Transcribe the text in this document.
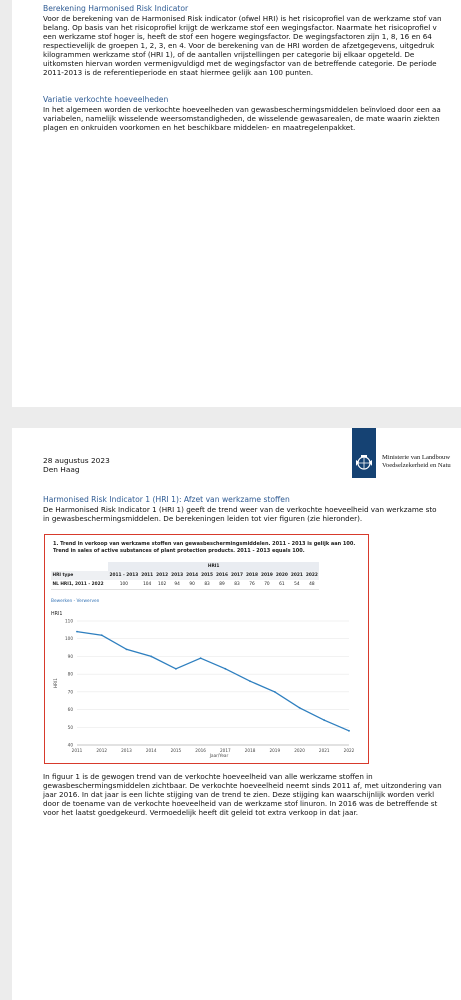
Berekening Harmonised Risk Indicator
Voor de berekening van de Harmonised Risk indicator (ofwel HRI) is het risicoprofiel van de werkzame stof van
belang. Op basis van het risicoprofiel krijgt de werkzame stof een wegingsfactor. Naarmate het risicoprofiel v
een werkzame stof hoger is, heeft de stof een hogere wegingsfactor. De wegingsfactoren zijn 1, 8, 16 en 64
respectievelijk de groepen 1, 2, 3, en 4. Voor de berekening van de HRI worden de afzetgegevens, uitgedruk
kilogrammen werkzame stof (HRI 1), of de aantallen vrijstellingen per categorie bij elkaar opgeteld. De
uitkomsten hiervan worden vermenigvuldigd met de wegingsfactor van de betreffende categorie. De periode
2011-2013 is de referentieperiode en staat hiermee gelijk aan 100 punten.
Variatie verkochte hoeveelheden
In het algemeen worden de verkochte hoeveelheden van gewasbeschermingsmiddelen beïnvloed door een aa
variabelen, namelijk wisselende weersomstandigheden, de wisselende gewasarealen, de mate waarin ziekten
plagen en onkruiden voorkomen en het beschikbare middelen- en maatregelenpakket.
Ministerie van Landbouw
Voedselzekerheid en Natu
28 augustus 2023
Den Haag
Harmonised Risk Indicator 1 (HRI 1): Afzet van werkzame stoffen
De Harmonised Risk Indicator 1 (HRI 1) geeft de trend weer van de verkochte hoeveelheid van werkzame sto
in gewasbeschermingsmiddelen. De berekeningen leiden tot vier figuren (zie hieronder).
1. Trend in verkoop van werkzame stoffen van gewasbeschermingsmiddelen. 2011 - 2013 is gelijk aan 100.
Trend in sales of active substances of plant protection products. 2011 - 2013 equals 100.
	HRI1												
HRI type	2011 - 2013	2011	2012	2013	2014	2015	2016	2017	2018	2019	2020	2021	2022
NL HRI1, 2011 - 2022	100	104	102	94	90	83	89	83	76	70	61	54	48
Bewerken - Verwerven
HRI1
HRI1
Jaar/Year
40
50
60
70
80
90
100
110
2011	2012	2013	2014	2015	2016	2017	2018	2019	2020	2021	2022
In figuur 1 is de gewogen trend van de verkochte hoeveelheid van alle werkzame stoffen in
gewasbeschermingsmiddelen zichtbaar. De verkochte hoeveelheid neemt sinds 2011 af, met uitzondering van
jaar 2016. In dat jaar is een lichte stijging van de trend te zien. Deze stijging kan waarschijnlijk worden verkl
door de toename van de verkochte hoeveelheid van de werkzame stof linuron. In 2016 was de betreffende st
voor het laatst goedgekeurd. Vermoedelijk heeft dit geleid tot extra verkoop in dat jaar.
